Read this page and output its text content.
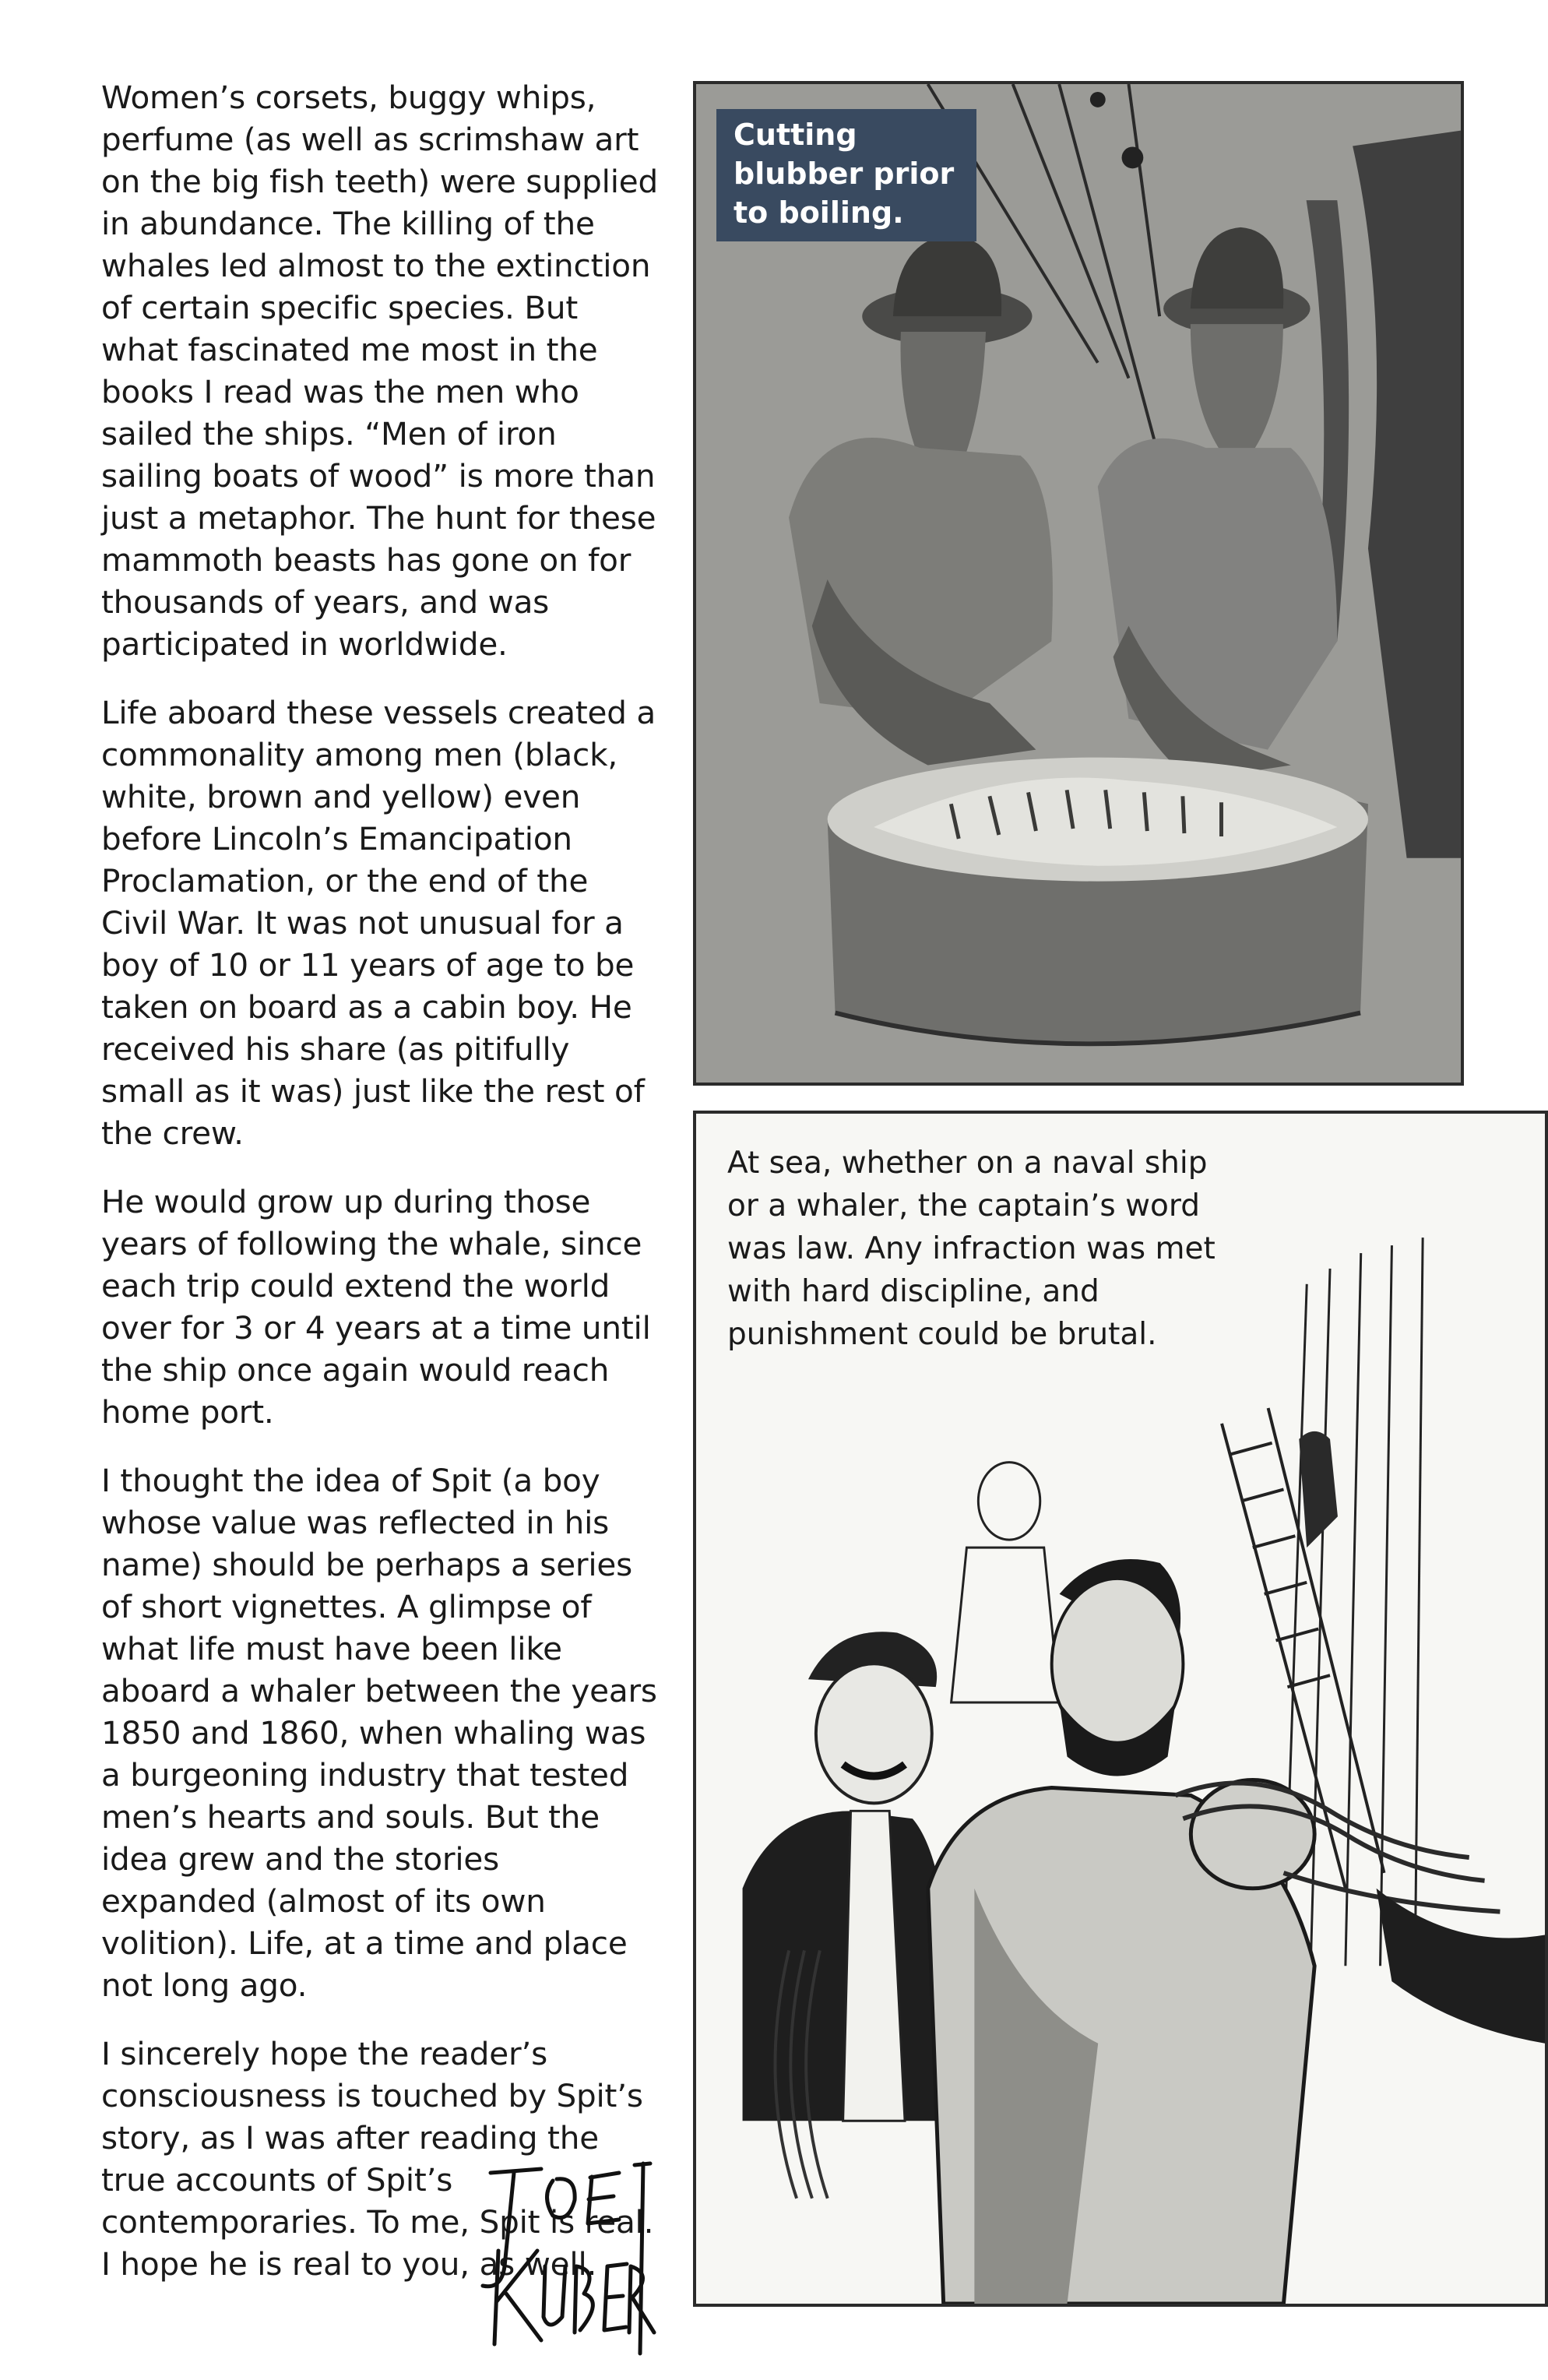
Women’s corsets, buggy whips, perfume (as well as scrimshaw art on the big fish teeth) were supplied in abundance. The killing of the whales led almost to the extinction of certain specific species. But what fascinated me most in the books I read was the men who sailed the ships. “Men of iron sailing boats of wood” is more than just a metaphor. The hunt for these mammoth beasts has gone on for thousands of years, and was participated in worldwide.

Life aboard these vessels created a commonality among men (black, white, brown and yellow) even before Lincoln’s Emancipation Proclamation, or the end of the Civil War. It was not unusual for a boy of 10 or 11 years of age to be taken on board as a cabin boy. He received his share (as pitifully small as it was) just like the rest of the crew.

He would grow up during those years of following the whale, since each trip could extend the world over for 3 or 4 years at a time until the ship once again would reach home port.

I thought the idea of Spit (a boy whose value was reflected in his name) should be perhaps a series of short vignettes. A glimpse of what life must have been like aboard a whaler between the years 1850 and 1860, when whaling was a burgeoning industry that tested men’s hearts and souls. But the idea grew and the stories expanded (almost of its own volition). Life, at a time and place not long ago.

I sincerely hope the reader’s consciousness is touched by Spit’s story, as I was after reading the true accounts of Spit’s contemporaries. To me, Spit is real. I hope he is real to you, as well.

Cutting blubber prior to boiling.
At sea, whether on a naval ship or a whaler, the captain’s word was law. Any infraction was met with hard discipline, and punishment could be brutal.
